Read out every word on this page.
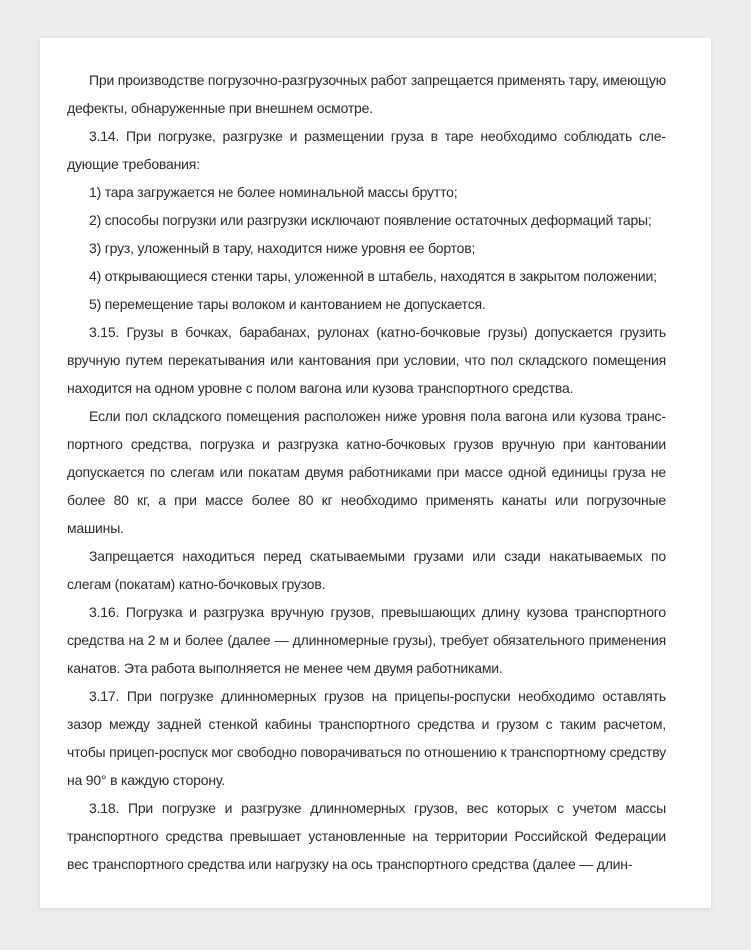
При производстве погрузочно-разгрузочных работ запрещается применять тару, имеющую дефекты, обнаруженные при внешнем осмотре.

3.14. При погрузке, разгрузке и размещении груза в таре необходимо соблюдать следующие требования:

1) тара загружается не более номинальной массы брутто;

2) способы погрузки или разгрузки исключают появление остаточных деформаций тары;

3) груз, уложенный в тару, находится ниже уровня ее бортов;

4) открывающиеся стенки тары, уложенной в штабель, находятся в закрытом положении;

5) перемещение тары волоком и кантованием не допускается.

3.15. Грузы в бочках, барабанах, рулонах (катно-бочковые грузы) допускается грузить вручную путем перекатывания или кантования при условии, что пол складского помещения находится на одном уровне с полом вагона или кузова транспортного средства.

Если пол складского помещения расположен ниже уровня пола вагона или кузова транспортного средства, погрузка и разгрузка катно-бочковых грузов вручную при кантовании допускается по слегам или покатам двумя работниками при массе одной единицы груза не более 80 кг, а при массе более 80 кг необходимо применять канаты или погрузочные машины.

Запрещается находиться перед скатываемыми грузами или сзади накатываемых по слегам (покатам) катно-бочковых грузов.

3.16. Погрузка и разгрузка вручную грузов, превышающих длину кузова транспортного средства на 2 м и более (далее — длинномерные грузы), требует обязательного применения канатов. Эта работа выполняется не менее чем двумя работниками.

3.17. При погрузке длинномерных грузов на прицепы-роспуски необходимо оставлять зазор между задней стенкой кабины транспортного средства и грузом с таким расчетом, чтобы прицеп-роспуск мог свободно поворачиваться по отношению к транспортному средству на 90° в каждую сторону.

3.18. При погрузке и разгрузке длинномерных грузов, вес которых с учетом массы транспортного средства превышает установленные на территории Российской Федерации вес транспортного средства или нагрузку на ось транспортного средства (далее — длин-
